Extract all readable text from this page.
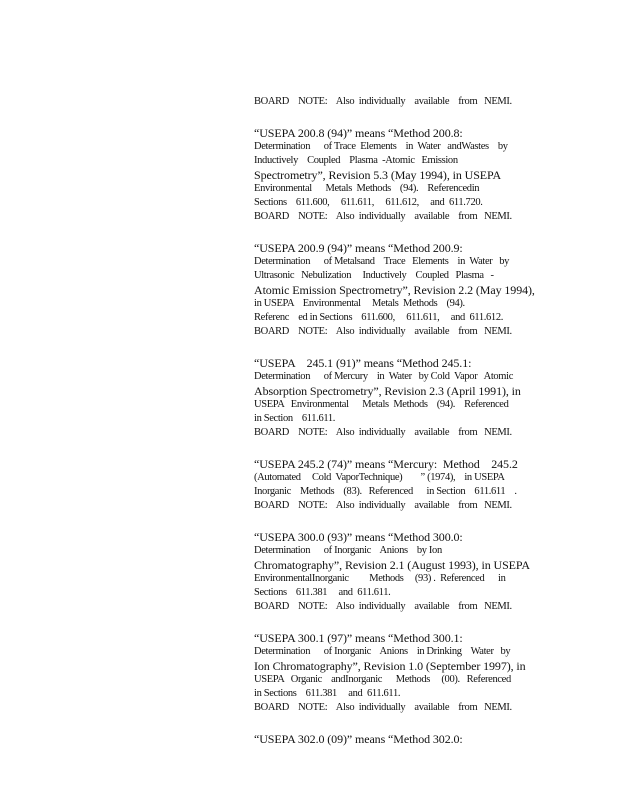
BOARD    NOTE:    Also  individually    available    from   NEMI.
“USEPA 200.8 (94)” means “Method 200.8:
Determination      of Trace  Elements    in  Water   andWastes    by
Inductively    Coupled    Plasma  -Atomic   Emission
Spectrometry”, Revision 5.3 (May 1994), in USEPA
Environmental      Metals  Methods    (94).    Referencedin
Sections    611.600,     611.611,     611.612,     and  611.720.
BOARD    NOTE:    Also  individually    available    from   NEMI.
“USEPA 200.9 (94)” means “Method 200.9:
Determination      of Metalsand    Trace   Elements    in  Water   by
Ultrasonic   Nebulization     Inductively    Coupled   Plasma   -
Atomic Emission Spectrometry”, Revision 2.2 (May 1994),
in USEPA    Environmental     Metals  Methods    (94).
Referenc    ed in Sections    611.600,     611.611,     and  611.612.
BOARD    NOTE:    Also  individually    available    from   NEMI.
“USEPA    245.1 (91)” means “Method 245.1:
Determination      of Mercury    in  Water   by Cold  Vapor   Atomic
Absorption Spectrometry”, Revision 2.3 (April 1991), in
USEPA   Environmental      Metals  Methods    (94).    Referenced
in Section    611.611.
BOARD    NOTE:    Also  individually    available    from   NEMI.
“USEPA 245.2 (74)” means “Mercury:  Method    245.2
(Automated     Cold  VaporTechnique)        ” (1974),    in USEPA
Inorganic    Methods    (83).   Referenced      in Section    611.611    .
BOARD    NOTE:    Also  individually    available    from   NEMI.
“USEPA 300.0 (93)” means “Method 300.0:
Determination      of Inorganic    Anions    by Ion
Chromatography”, Revision 2.1 (August 1993), in USEPA
EnvironmentalInorganic         Methods     (93) .  Referenced      in
Sections    611.381     and  611.611.
BOARD    NOTE:    Also  individually    available    from   NEMI.
“USEPA 300.1 (97)” means “Method 300.1:
Determination      of Inorganic    Anions    in Drinking    Water   by
Ion Chromatography”, Revision 1.0 (September 1997), in
USEPA   Organic    andInorganic      Methods     (00).   Referenced
in Sections    611.381     and  611.611.
BOARD    NOTE:    Also  individually    available    from   NEMI.
“USEPA 302.0 (09)” means “Method 302.0:
